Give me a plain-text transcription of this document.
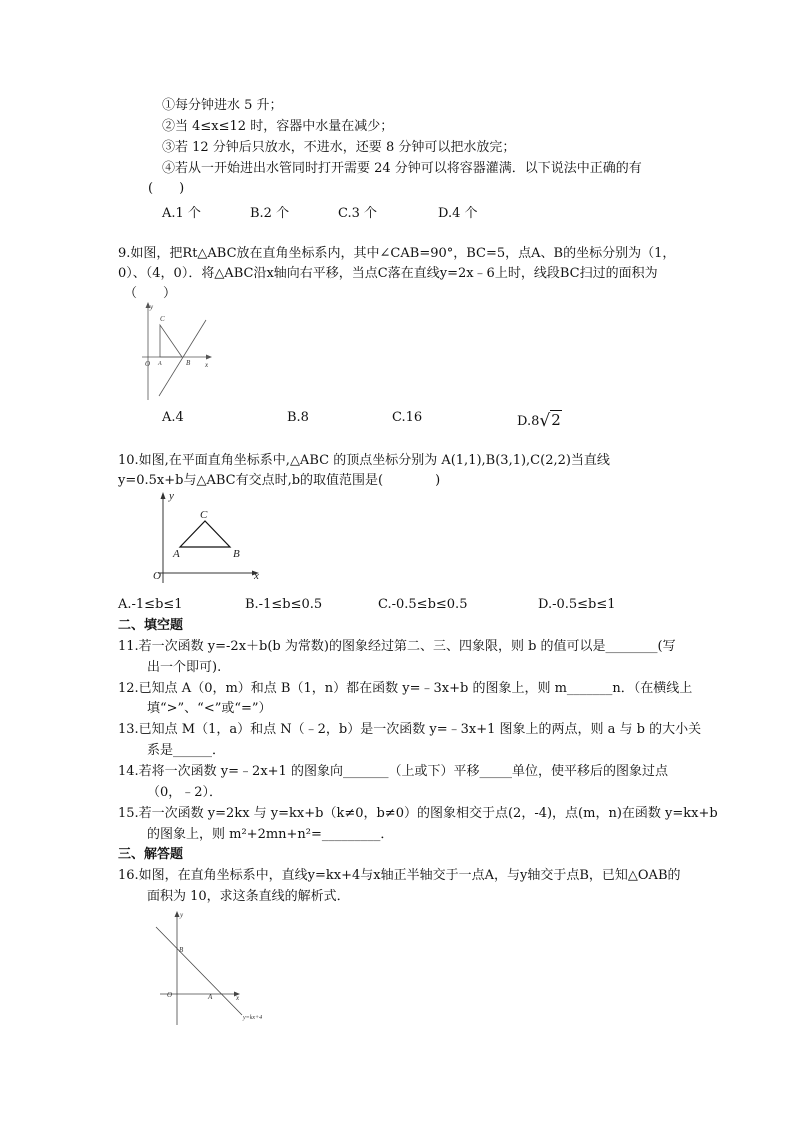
①每分钟进水 5 升；
②当 4≤x≤12 时，容器中水量在减少；
③若 12 分钟后只放水，不进水，还要 8 分钟可以把水放完；
④若从一开始进出水管同时打开需要 24 分钟可以将容器灌满．以下说法中正确的有
(　　)
A.1 个	B.2 个	C.3 个	D.4 个
9.如图，把Rt△ABC放在直角坐标系内，其中∠CAB=90°，BC=5，点A、B的坐标分别为（1，
0）、（4，0）．将△ABC沿x轴向右平移，当点C落在直线y=2x﹣6上时，线段BC扫过的面积为
（　　）
y
x
O A	B
C
A.4	B.8	C.16	D.8√2
10.如图,在平面直角坐标系中,△ABC 的顶点坐标分别为 A(1,1),B(3,1),C(2,2)当直线
y=0.5x+b与△ABC有交点时,b的取值范围是(　　　　)
y
x
O
A	B
C
A.-1≤b≤1	B.-1≤b≤0.5	C.-0.5≤b≤0.5	D.-0.5≤b≤1
二、填空题
11.若一次函数 y=-2x＋b(b 为常数)的图象经过第二、三、四象限，则 b 的值可以是________(写
出一个即可).
12.已知点 A（0，m）和点 B（1，n）都在函数 y=﹣3x+b 的图象上，则 m_______n．（在横线上
填“>”、“<”或“=”）
13.已知点 M（1，a）和点 N（﹣2，b）是一次函数 y=﹣3x+1 图象上的两点，则 a 与 b 的大小关
系是______．
14.若将一次函数 y=﹣2x+1 的图象向_______（上或下）平移_____单位，使平移后的图象过点
（0，﹣2）．
15.若一次函数 y=2kx 与 y=kx+b（k≠0，b≠0）的图象相交于点(2，-4)，点(m，n)在函数 y=kx+b
的图象上，则 m²+2mn+n²=_________．
三、解答题
16.如图，在直角坐标系中，直线y=kx+4与x轴正半轴交于一点A，与y轴交于点B，已知△OAB的
面积为 10，求这条直线的解析式．
y
x
O
B
A
y=kx+4
